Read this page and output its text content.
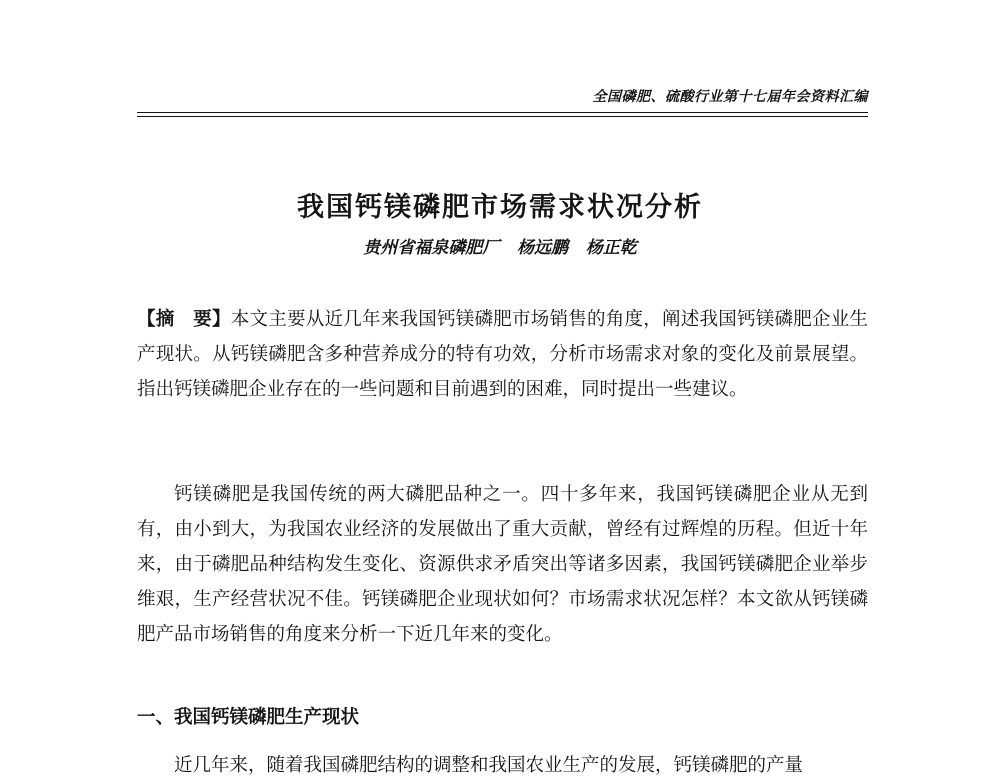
全国磷肥、硫酸行业第十七届年会资料汇编
我国钙镁磷肥市场需求状况分析
贵州省福泉磷肥厂   杨远鹏   杨正乾

【摘　要】本文主要从近几年来我国钙镁磷肥市场销售的角度，阐述我国钙镁磷肥企业生产现状。从钙镁磷肥含多种营养成分的特有功效，分析市场需求对象的变化及前景展望。指出钙镁磷肥企业存在的一些问题和目前遇到的困难，同时提出一些建议。

钙镁磷肥是我国传统的两大磷肥品种之一。四十多年来，我国钙镁磷肥企业从无到有，由小到大，为我国农业经济的发展做出了重大贡献，曾经有过辉煌的历程。但近十年来，由于磷肥品种结构发生变化、资源供求矛盾突出等诸多因素，我国钙镁磷肥企业举步维艰，生产经营状况不佳。钙镁磷肥企业现状如何？市场需求状况怎样？本文欲从钙镁磷肥产品市场销售的角度来分析一下近几年来的变化。

一、我国钙镁磷肥生产现状
近几年来，随着我国磷肥结构的调整和我国农业生产的发展，钙镁磷肥的产量
